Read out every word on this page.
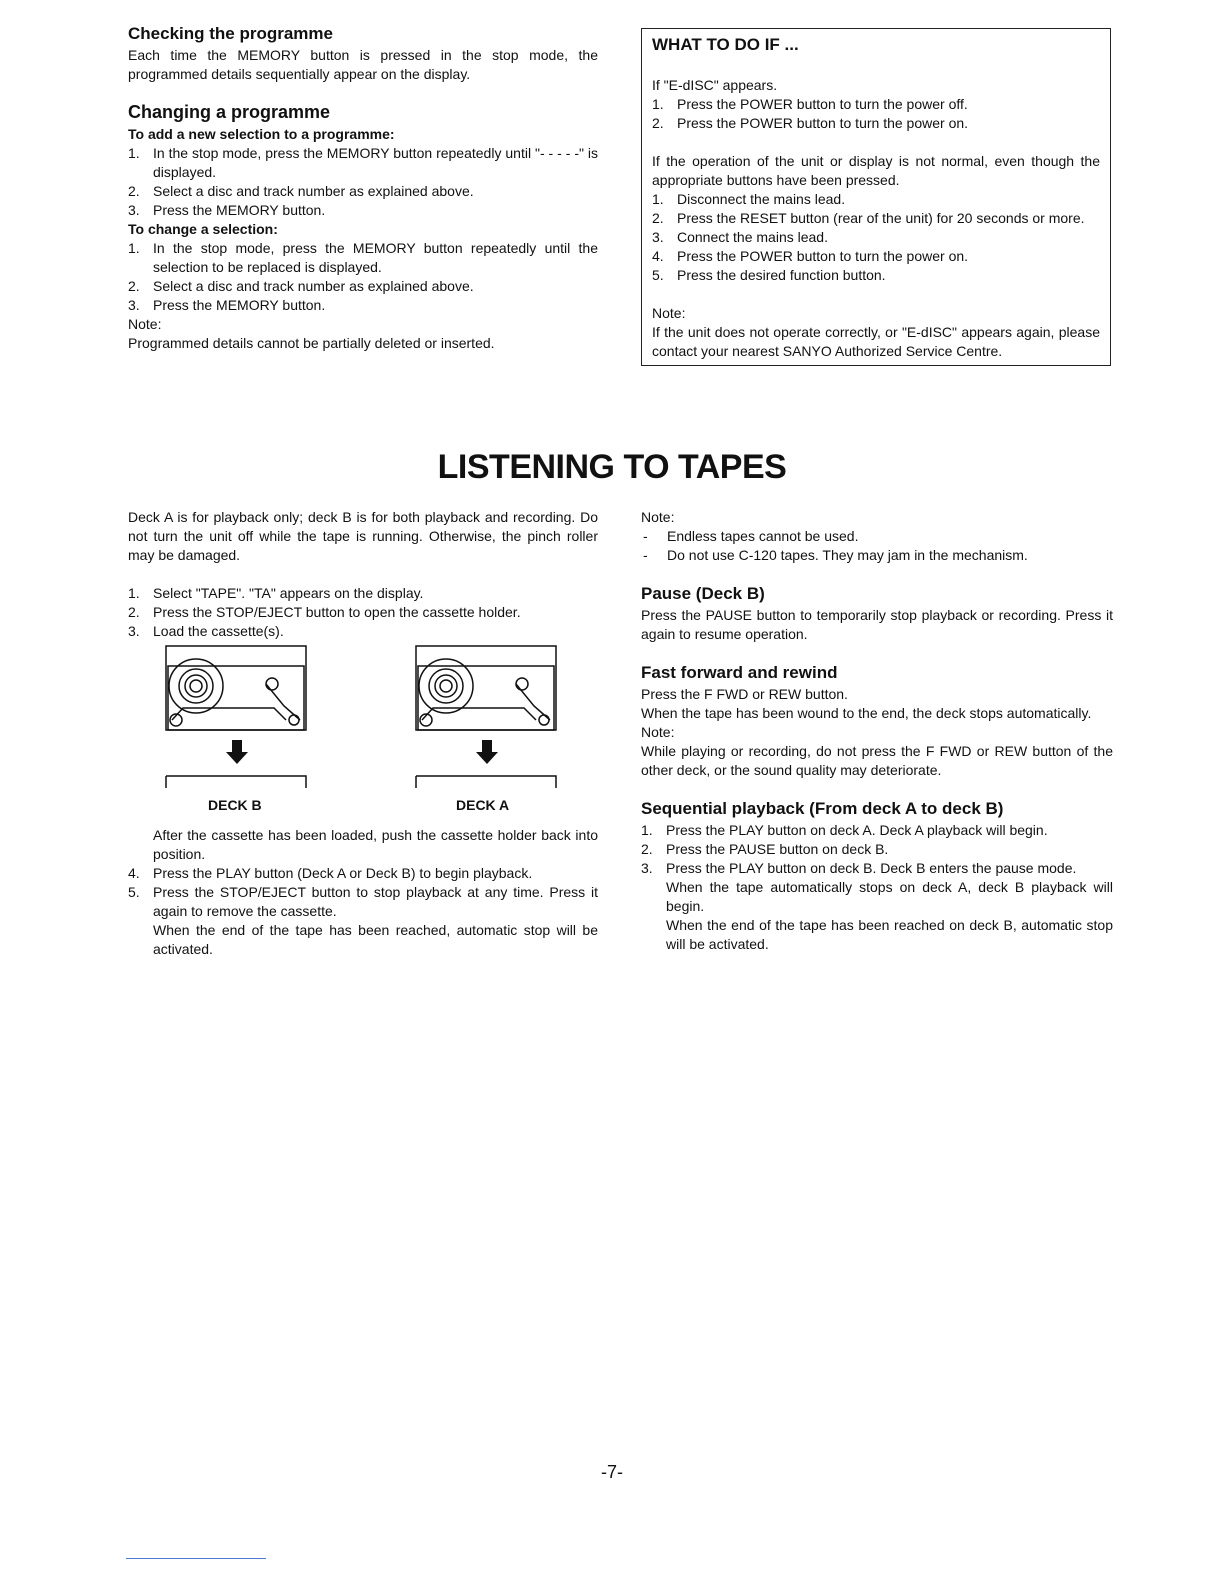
Checking the programme

Each time the MEMORY button is pressed in the stop mode, the programmed details sequentially appear on the display.

Changing a programme

To add a new selection to a programme:

1. In the stop mode, press the MEMORY button repeatedly until "- - - - -" is displayed.
2. Select a disc and track number as explained above.
3. Press the MEMORY button.

To change a selection:

1. In the stop mode, press the MEMORY button repeatedly until the selection to be replaced is displayed.
2. Select a disc and track number as explained above.
3. Press the MEMORY button.

Note:

Programmed details cannot be partially deleted or inserted.

WHAT TO DO IF ...

If "E-dISC" appears.

1. Press the POWER button to turn the power off.
2. Press the POWER button to turn the power on.

If the operation of the unit or display is not normal, even though the appropriate buttons have been pressed.

1. Disconnect the mains lead.
2. Press the RESET button (rear of the unit) for 20 seconds or more.
3. Connect the mains lead.
4. Press the POWER button to turn the power on.
5. Press the desired function button.

Note:

If the unit does not operate correctly, or "E-dISC" appears again, please contact your nearest SANYO Authorized Service Centre.

LISTENING TO TAPES

Deck A is for playback only; deck B is for both playback and recording. Do not turn the unit off while the tape is running. Otherwise, the pinch roller may be damaged.

1. Select "TAPE". "TA" appears on the display.
2. Press the STOP/EJECT button to open the cassette holder.
3. Load the cassette(s).
DECK B	DECK A

After the cassette has been loaded, push the cassette holder back into position.

4. Press the PLAY button (Deck A or Deck B) to begin playback.
5. Press the STOP/EJECT button to stop playback at any time. Press it again to remove the cassette.

When the end of the tape has been reached, automatic stop will be activated.

Note:

- Endless tapes cannot be used.
- Do not use C-120 tapes. They may jam in the mechanism.
Pause (Deck B)

Press the PAUSE button to temporarily stop playback or recording. Press it again to resume operation.

Fast forward and rewind

Press the F FWD or REW button.

When the tape has been wound to the end, the deck stops automatically.

Note:

While playing or recording, do not press the F FWD or REW button of the other deck, or the sound quality may deteriorate.

Sequential playback (From deck A to deck B)
1. Press the PLAY button on deck A. Deck A playback will begin.
2. Press the PAUSE button on deck B.
3. Press the PLAY button on deck B. Deck B enters the pause mode.

When the tape automatically stops on deck A, deck B playback will begin.

When the end of the tape has been reached on deck B, automatic stop will be activated.

-7-
